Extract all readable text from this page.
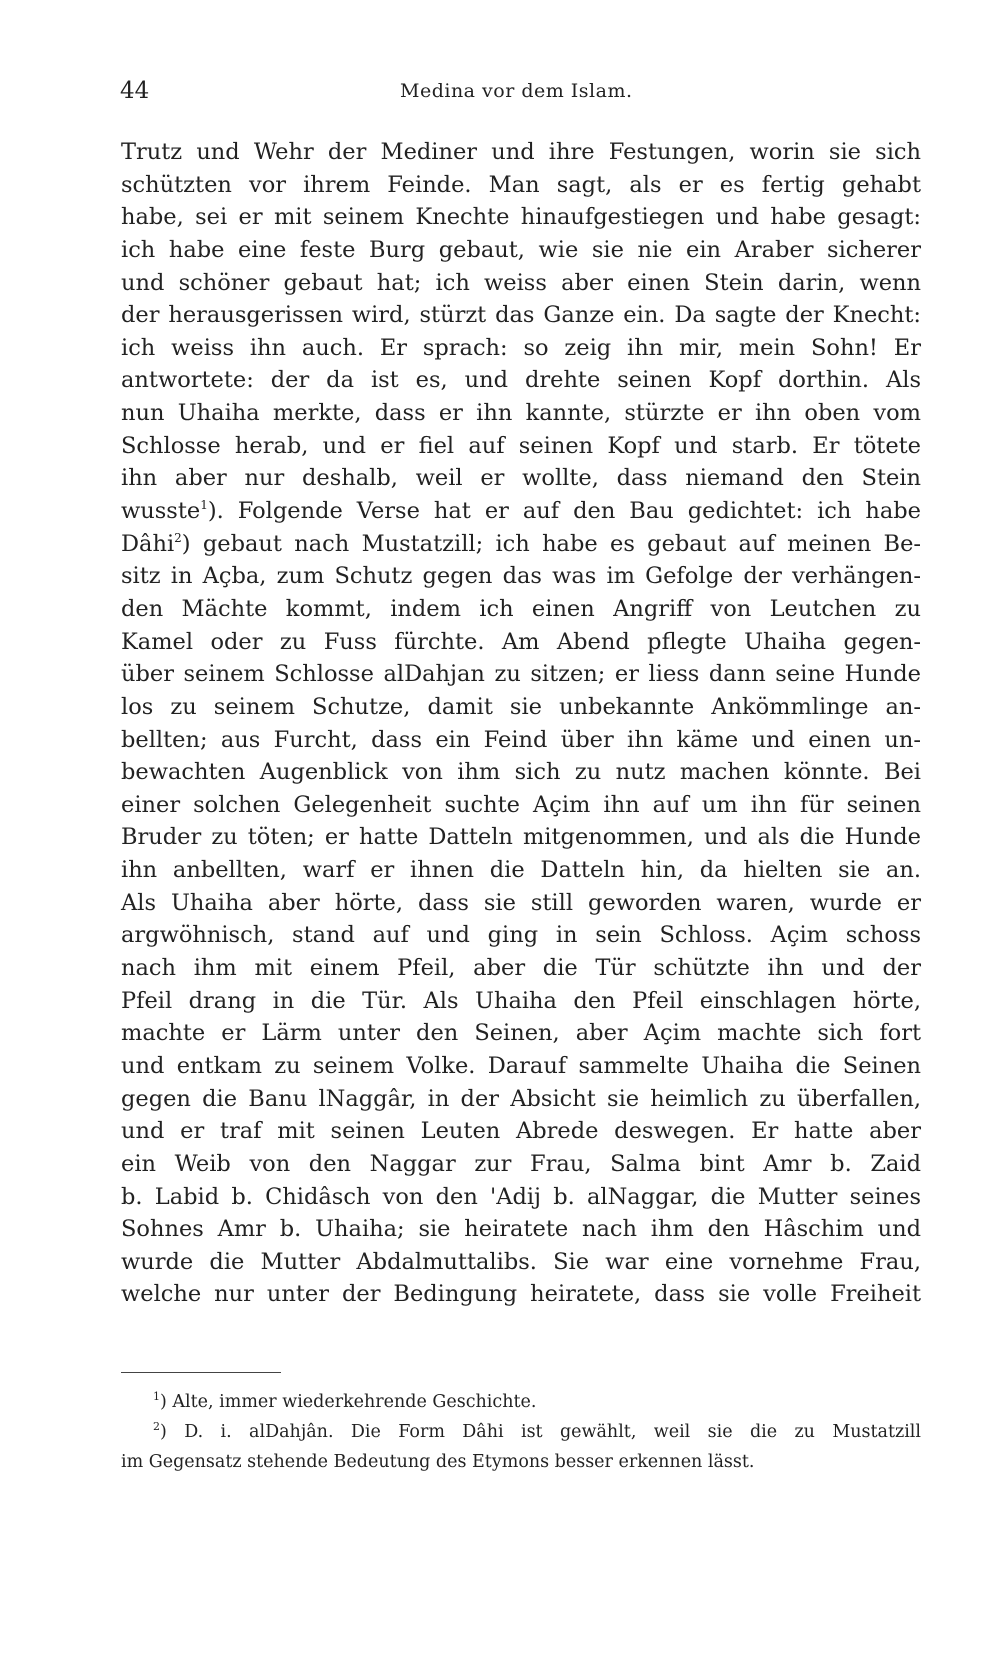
44	Medina vor dem Islam.
Trutz und Wehr der Mediner und ihre Festungen, worin sie sich
schützten vor ihrem Feinde. Man sagt, als er es fertig gehabt
habe, sei er mit seinem Knechte hinaufgestiegen und habe gesagt:
ich habe eine feste Burg gebaut, wie sie nie ein Araber sicherer
und schöner gebaut hat; ich weiss aber einen Stein darin, wenn
der herausgerissen wird, stürzt das Ganze ein. Da sagte der Knecht:
ich weiss ihn auch. Er sprach: so zeig ihn mir, mein Sohn! Er
antwortete: der da ist es, und drehte seinen Kopf dorthin. Als
nun Uhaiha merkte, dass er ihn kannte, stürzte er ihn oben vom
Schlosse herab, und er fiel auf seinen Kopf und starb. Er tötete
ihn aber nur deshalb, weil er wollte, dass niemand den Stein
wusste$^1$). Folgende Verse hat er auf den Bau gedichtet: ich habe
Dâhi$^2$) gebaut nach Mustatzill; ich habe es gebaut auf meinen Be-
sitz in Açba, zum Schutz gegen das was im Gefolge der verhängen-
den Mächte kommt, indem ich einen Angriff von Leutchen zu
Kamel oder zu Fuss fürchte. Am Abend pflegte Uhaiha gegen-
über seinem Schlosse alDahjan zu sitzen; er liess dann seine Hunde
los zu seinem Schutze, damit sie unbekannte Ankömmlinge an-
bellten; aus Furcht, dass ein Feind über ihn käme und einen un-
bewachten Augenblick von ihm sich zu nutz machen könnte. Bei
einer solchen Gelegenheit suchte Açim ihn auf um ihn für seinen
Bruder zu töten; er hatte Datteln mitgenommen, und als die Hunde
ihn anbellten, warf er ihnen die Datteln hin, da hielten sie an.
Als Uhaiha aber hörte, dass sie still geworden waren, wurde er
argwöhnisch, stand auf und ging in sein Schloss. Açim schoss
nach ihm mit einem Pfeil, aber die Tür schützte ihn und der
Pfeil drang in die Tür. Als Uhaiha den Pfeil einschlagen hörte,
machte er Lärm unter den Seinen, aber Açim machte sich fort
und entkam zu seinem Volke. Darauf sammelte Uhaiha die Seinen
gegen die Banu lNaggâr, in der Absicht sie heimlich zu überfallen,
und er traf mit seinen Leuten Abrede deswegen. Er hatte aber
ein Weib von den Naggar zur Frau, Salma bint Amr b. Zaid
b. Labid b. Chidâsch von den 'Adij b. alNaggar, die Mutter seines
Sohnes Amr b. Uhaiha; sie heiratete nach ihm den Hâschim und
wurde die Mutter Abdalmuttalibs. Sie war eine vornehme Frau,
welche nur unter der Bedingung heiratete, dass sie volle Freiheit
$^1$) Alte, immer wiederkehrende Geschichte.
$^2$) D. i. alDahjân. Die Form Dâhi ist gewählt, weil sie die zu Mustatzill
im Gegensatz stehende Bedeutung des Etymons besser erkennen lässt.
